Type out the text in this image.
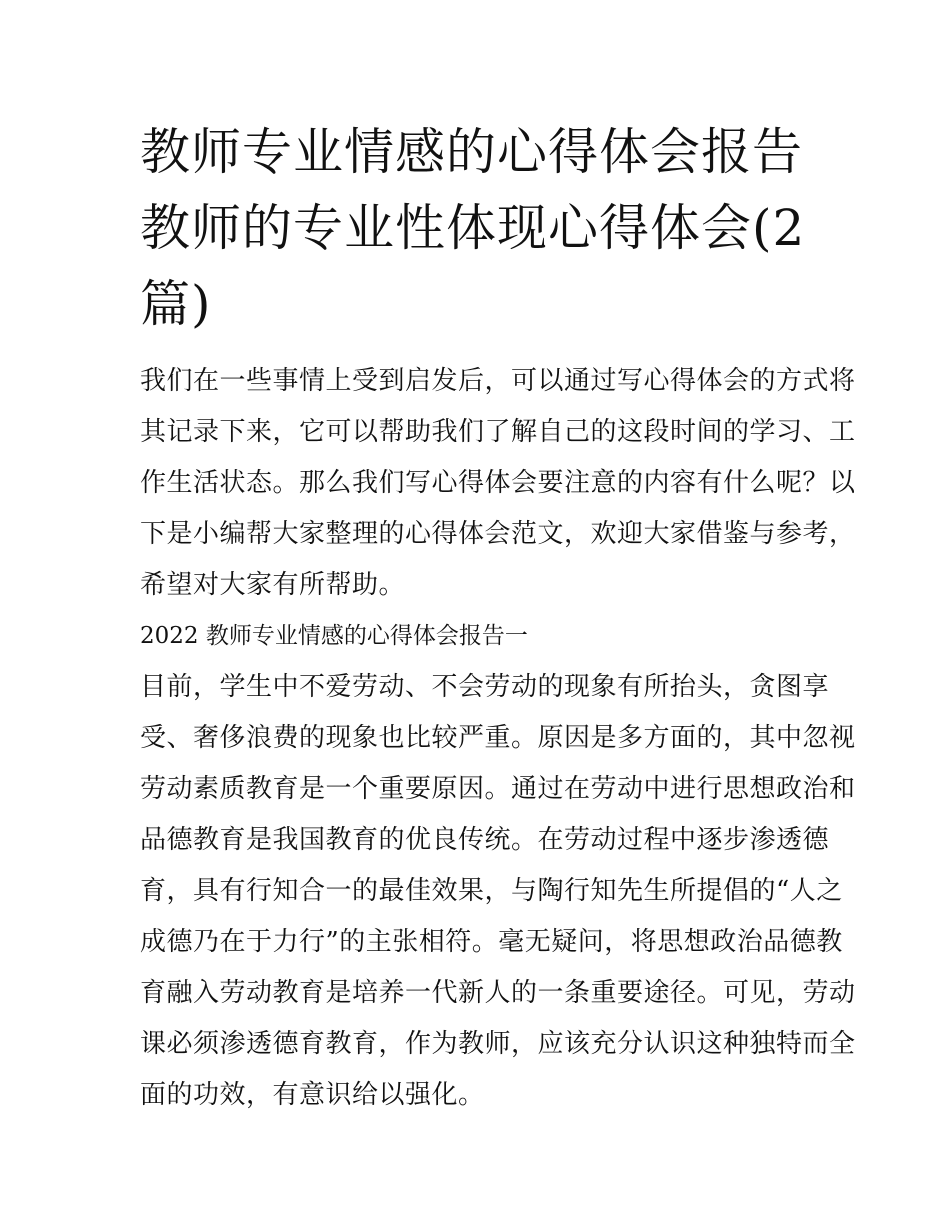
教师专业情感的心得体会报告
教师的专业性体现心得体会(2
篇)
我们在一些事情上受到启发后，可以通过写心得体会的方式将
其记录下来，它可以帮助我们了解自己的这段时间的学习、工
作生活状态。那么我们写心得体会要注意的内容有什么呢？以
下是小编帮大家整理的心得体会范文，欢迎大家借鉴与参考，
希望对大家有所帮助。
2022 教师专业情感的心得体会报告一
目前，学生中不爱劳动、不会劳动的现象有所抬头，贪图享
受、奢侈浪费的现象也比较严重。原因是多方面的，其中忽视
劳动素质教育是一个重要原因。通过在劳动中进行思想政治和
品德教育是我国教育的优良传统。在劳动过程中逐步渗透德
育，具有行知合一的最佳效果，与陶行知先生所提倡的“人之
成德乃在于力行”的主张相符。毫无疑问，将思想政治品德教
育融入劳动教育是培养一代新人的一条重要途径。可见，劳动
课必须渗透德育教育，作为教师，应该充分认识这种独特而全
面的功效，有意识给以强化。
